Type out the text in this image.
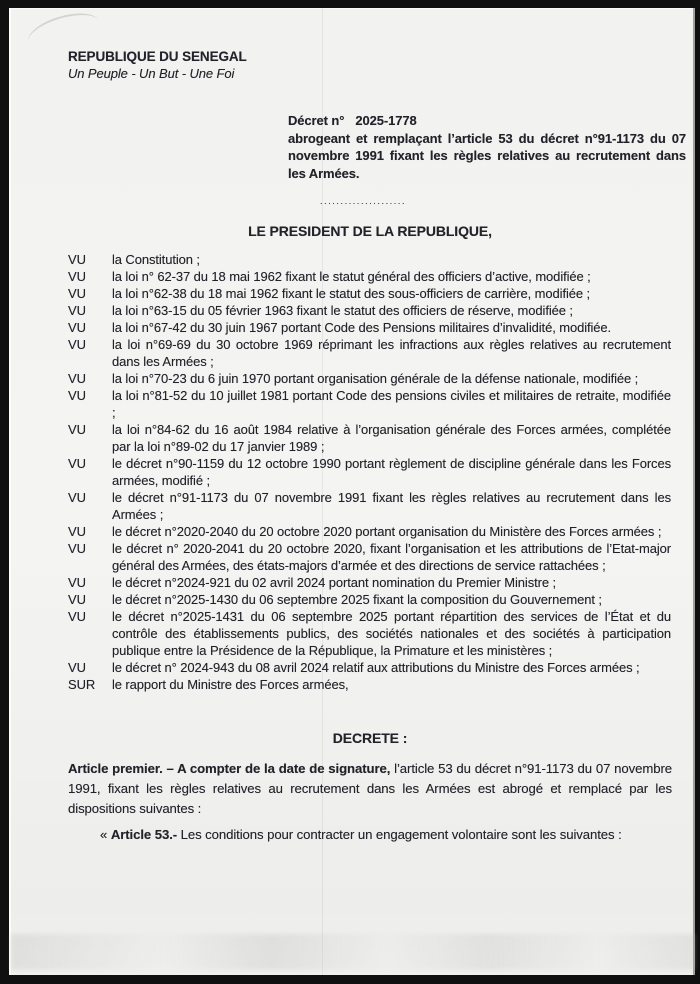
REPUBLIQUE DU SENEGAL
Un Peuple - Un But - Une Foi
Décret n° 2025-1778
abrogeant et remplaçant l’article 53 du décret n°91-1173 du 07 novembre 1991 fixant les règles relatives au recrutement dans les Armées.
.....................
LE PRESIDENT DE LA REPUBLIQUE,
VU	la Constitution ;
VU	la loi n° 62-37 du 18 mai 1962 fixant le statut général des officiers d’active, modifiée ;
VU	la loi n°62-38 du 18 mai 1962 fixant le statut des sous-officiers de carrière, modifiée ;
VU	la loi n°63-15 du 05 février 1963 fixant le statut des officiers de réserve, modifiée ;
VU	la loi n°67-42 du 30 juin 1967 portant Code des Pensions militaires d’invalidité, modifiée.
VU	la loi n°69-69 du 30 octobre 1969 réprimant les infractions aux règles relatives au recrutement dans les Armées ;
VU	la loi n°70-23 du 6 juin 1970 portant organisation générale de la défense nationale, modifiée ;
VU	la loi n°81-52 du 10 juillet 1981 portant Code des pensions civiles et militaires de retraite, modifiée ;
VU	la loi n°84-62 du 16 août 1984 relative à l’organisation générale des Forces armées, complétée par la loi n°89-02 du 17 janvier 1989 ;
VU	le décret n°90-1159 du 12 octobre 1990 portant règlement de discipline générale dans les Forces armées, modifié ;
VU	le décret n°91-1173 du 07 novembre 1991 fixant les règles relatives au recrutement dans les Armées ;
VU	le décret n°2020-2040 du 20 octobre 2020 portant organisation du Ministère des Forces armées ;
VU	le décret n° 2020-2041 du 20 octobre 2020, fixant l’organisation et les attributions de l’Etat-major général des Armées, des états-majors d’armée et des directions de service rattachées ;
VU	le décret n°2024-921 du 02 avril 2024 portant nomination du Premier Ministre ;
VU	le décret n°2025-1430 du 06 septembre 2025 fixant la composition du Gouvernement ;
VU	le décret n°2025-1431 du 06 septembre 2025 portant répartition des services de l’État et du contrôle des établissements publics, des sociétés nationales et des sociétés à participation publique entre la Présidence de la République, la Primature et les ministères ;
VU	le décret n° 2024-943 du 08 avril 2024 relatif aux attributions du Ministre des Forces armées ;
SUR	le rapport du Ministre des Forces armées,
DECRETE :
Article premier. – A compter de la date de signature, l’article 53 du décret n°91-1173 du 07 novembre 1991, fixant les règles relatives au recrutement dans les Armées est abrogé et remplacé par les dispositions suivantes :
« Article 53.- Les conditions pour contracter un engagement volontaire sont les suivantes :
